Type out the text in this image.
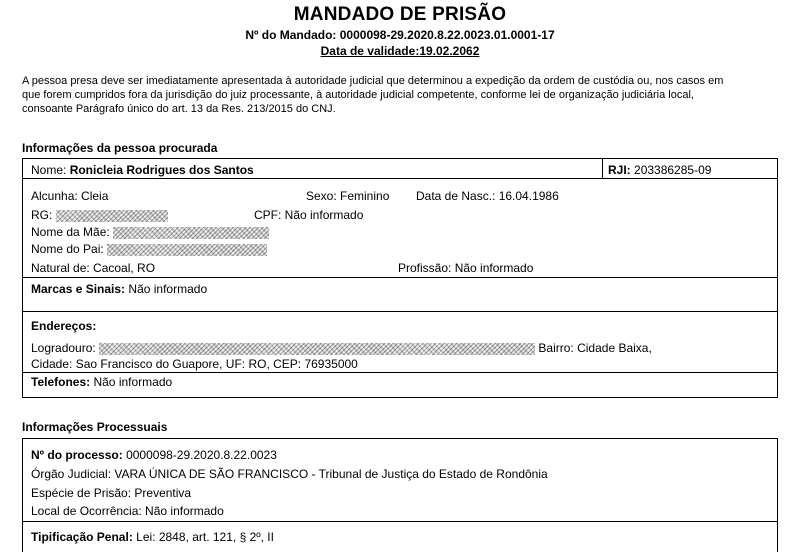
MANDADO DE PRISÃO
Nº do Mandado: 0000098-29.2020.8.22.0023.01.0001-17
Data de validade:19.02.2062
A pessoa presa deve ser imediatamente apresentada à autoridade judicial que determinou a expedição da ordem de custódia ou, nos casos em que forem cumpridos fora da jurisdição do juiz processante, à autoridade judicial competente, conforme lei de organização judiciária local, consoante Parágrafo único do art. 13 da Res. 213/2015 do CNJ.
Informações da pessoa procurada
Nome: Ronicleia Rodrigues dos Santos	RJI: 203386285-09
Alcunha: Cleia	Sexo: Feminino Data de Nasc.: 16.04.1986
RG:	CPF: Não informado
Nome da Mãe:
Nome do Pai:
Natural de: Cacoal, RO	Profissão: Não informado
Marcas e Sinais: Não informado
Endereços:
Logradouro:	Bairro: Cidade Baixa,
Cidade: Sao Francisco do Guapore, UF: RO, CEP: 76935000
Telefones: Não informado
Informações Processuais
Nº do processo: 0000098-29.2020.8.22.0023
Órgão Judicial: VARA ÚNICA DE SÃO FRANCISCO - Tribunal de Justiça do Estado de Rondônia
Espécie de Prisão: Preventiva
Local de Ocorrência: Não informado
Tipificação Penal: Lei: 2848, art. 121, § 2º, II
